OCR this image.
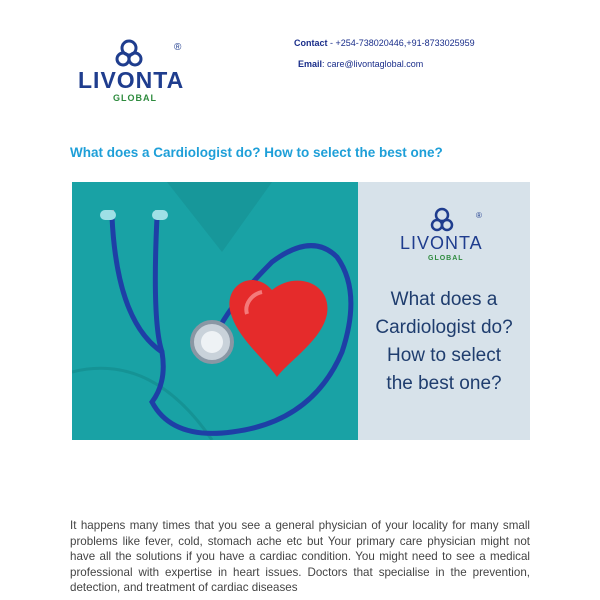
®
LIVONTA
GLOBAL
Contact - +254-738020446,+91-8733025959
Email: care@livontaglobal.com
What does a Cardiologist do? How to select the best one?
®
LIVONTA
GLOBAL
What does a
Cardiologist do?
How to select
the best one?
It happens many times that you see a general physician of your locality for many small problems like fever, cold, stomach ache etc but Your primary care physician might not have all the solutions if you have a cardiac condition. You might need to see a medical professional with expertise in heart issues. Doctors that specialise in the prevention, detection, and treatment of cardiac diseases
